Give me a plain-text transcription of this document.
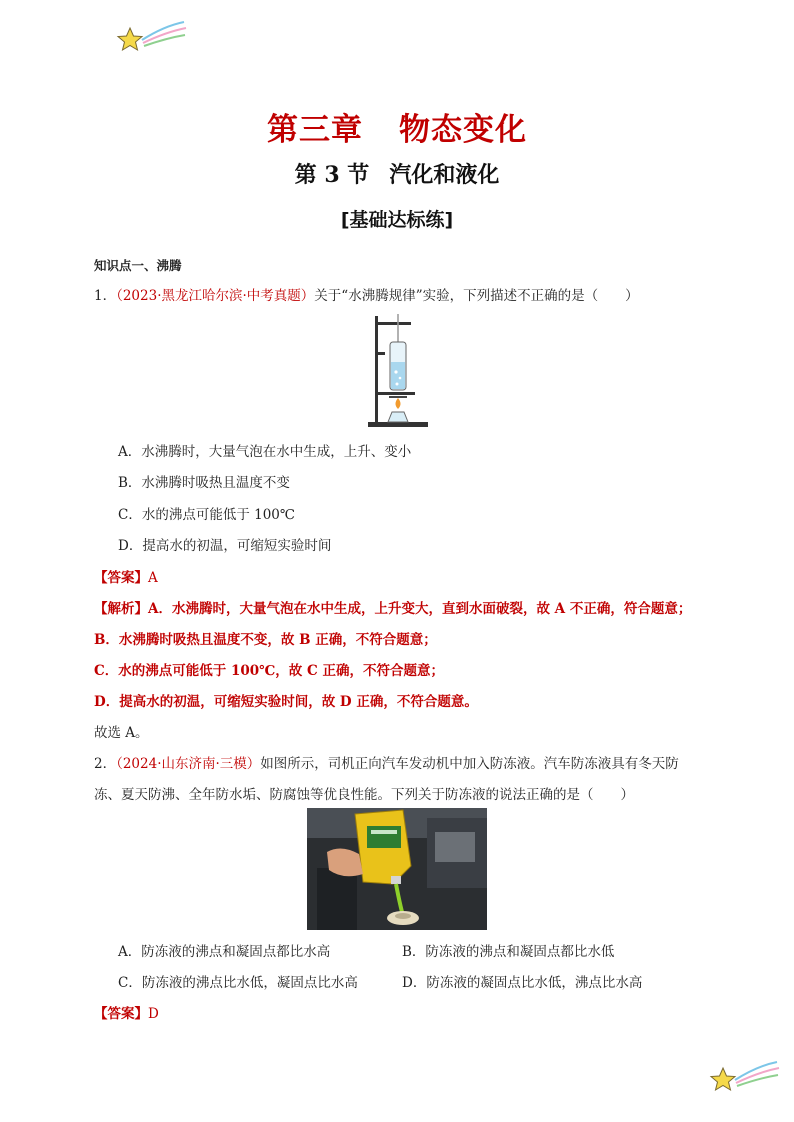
第三章 物态变化
第 3 节 汽化和液化
[基础达标练]
知识点一、沸腾
1．（2023·黑龙江哈尔滨·中考真题）关于“水沸腾规律”实验，下列描述不正确的是（　　）
A．水沸腾时，大量气泡在水中生成，上升、变小
B．水沸腾时吸热且温度不变
C．水的沸点可能低于 100℃
D．提高水的初温，可缩短实验时间
【答案】A
【解析】A．水沸腾时，大量气泡在水中生成，上升变大，直到水面破裂，故 A 不正确，符合题意；
B．水沸腾时吸热且温度不变，故 B 正确，不符合题意；
C．水的沸点可能低于 100℃，故 C 正确，不符合题意；
D．提高水的初温，可缩短实验时间，故 D 正确，不符合题意。
故选 A。
2．（2024·山东济南·三模）如图所示，司机正向汽车发动机中加入防冻液。汽车防冻液具有冬天防
冻、夏天防沸、全年防水垢、防腐蚀等优良性能。下列关于防冻液的说法正确的是（　　）
A．防冻液的沸点和凝固点都比水高	B．防冻液的沸点和凝固点都比水低
C．防冻液的沸点比水低，凝固点比水高	D．防冻液的凝固点比水低，沸点比水高
【答案】D
